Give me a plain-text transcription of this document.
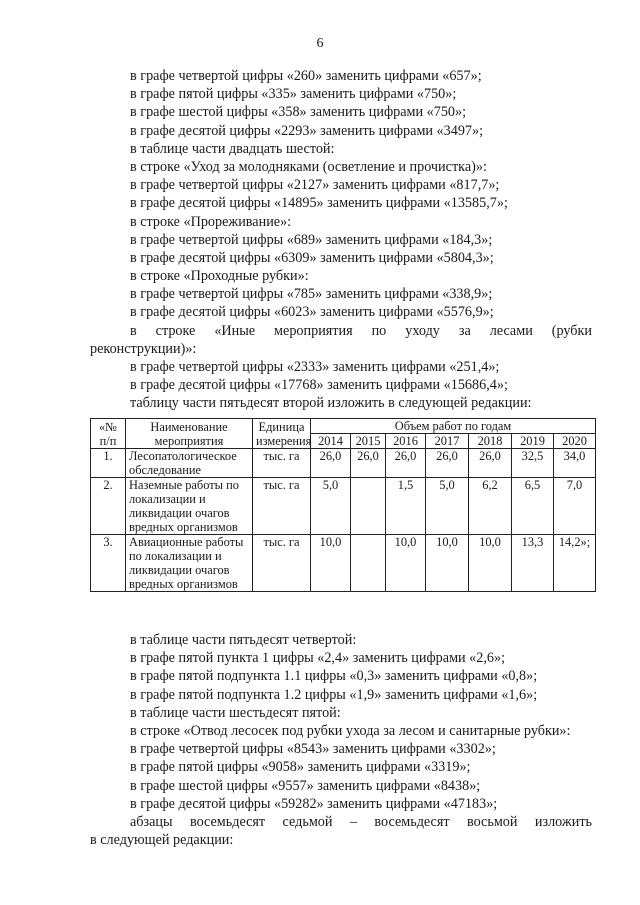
6
в графе четвертой цифры «260» заменить цифрами «657»;
в графе пятой цифры «335» заменить цифрами «750»;
в графе шестой цифры «358» заменить цифрами «750»;
в графе десятой цифры «2293» заменить цифрами «3497»;
в таблице части двадцать шестой:
в строке «Уход за молодняками (осветление и прочистка)»:
в графе четвертой цифры «2127» заменить цифрами «817,7»;
в графе десятой цифры «14895» заменить цифрами «13585,7»;
в строке «Прореживание»:
в графе четвертой цифры «689» заменить цифрами «184,3»;
в графе десятой цифры «6309» заменить цифрами «5804,3»;
в строке «Проходные рубки»:
в графе четвертой цифры «785» заменить цифрами «338,9»;
в графе десятой цифры «6023» заменить цифрами «5576,9»;
в строке «Иные мероприятия по уходу за лесами (рубки
реконструкции)»:
в графе четвертой цифры «2333» заменить цифрами «251,4»;
в графе десятой цифры «17768» заменить цифрами «15686,4»;
таблицу части пятьдесят второй изложить в следующей редакции:
«№ п/п	Наименование мероприятия	Единица измерения	Объем работ по годам						
			2014	2015	2016	2017	2018	2019	2020
1.	Лесопатологическое обследование	тыс. га	26,0	26,0	26,0	26,0	26,0	32,5	34,0
2.	Наземные работы по локализации и ликвидации очагов вредных организмов	тыс. га	5,0		1,5	5,0	6,2	6,5	7,0
3.	Авиационные работы по локализации и ликвидации очагов вредных организмов	тыс. га	10,0		10,0	10,0	10,0	13,3	14,2»;
в таблице части пятьдесят четвертой:
в графе пятой пункта 1 цифры «2,4» заменить цифрами «2,6»;
в графе пятой подпункта 1.1 цифры «0,3» заменить цифрами «0,8»;
в графе пятой подпункта 1.2 цифры «1,9» заменить цифрами «1,6»;
в таблице части шестьдесят пятой:
в строке «Отвод лесосек под рубки ухода за лесом и санитарные рубки»:
в графе четвертой цифры «8543» заменить цифрами «3302»;
в графе пятой цифры «9058» заменить цифрами «3319»;
в графе шестой цифры «9557» заменить цифрами «8438»;
в графе десятой цифры «59282» заменить цифрами «47183»;
абзацы восемьдесят седьмой – восемьдесят восьмой изложить
в следующей редакции:
